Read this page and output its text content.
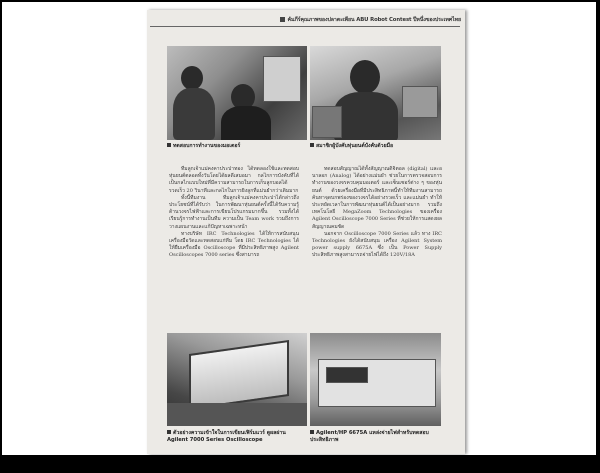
คัมภีร์คุณภาพของปลาตะเพียน ABU Robot Contest ปีหนึ่งของประเทศไทย
ทดสอบการทำงานของมอเตอร์	สมาชิกผู้บังคับหุ่นยนต์บังคับด้วยมือ

ทีมลูกเจ้าแม่คงคาประปาทอง ได้ทดลองใช้และทดสอบหุ่นยนต์ตลอดทั้งวันโดยได้ผลดีเสมอมา กลไกการบังคับที่ได้เป็นกลไกแบบใหม่ที่มีความสามารถในการเก็บลูกบอลได้รวดเร็ว 20 วินาทีและกลไกในการยิงลูกที่แม่นยำกว่าเดิมมาก

ทั้งนี้ทีมงาน ทีมลูกเจ้าแม่คงคาประปาได้กล่าวถึงประโยชน์ที่ได้รับว่า ในการพัฒนาหุ่นยนต์ครั้งนี้ได้รับความรู้ด้านวงจรไฟฟ้าและการเขียนโปรแกรมมากขึ้น รวมทั้งได้เรียนรู้การทำงานเป็นทีม ความเป็น Team work รวมถึงการวางแผนงานและแก้ปัญหาเฉพาะหน้า

ทางบริษัท IRC Technologies ได้ให้การสนับสนุนเครื่องมือวัดและทดสอบแก่ทีม โดย IRC Technologies ได้ให้ยืมเครื่องมือ Oscilloscope ที่มีประสิทธิภาพสูง Agilent Oscilloscopes 7000 series ซึ่งสามารถ

ทดสอบสัญญาณได้ทั้งสัญญาณดิจิตอล (digital) และอนาลอก (Analog) ได้อย่างแม่นยำ ช่วยในการตรวจสอบการทำงานของวงจรควบคุมมอเตอร์ และเซ็นเซอร์ต่าง ๆ ของหุ่นยนต์ ด้วยเครื่องมือที่มีประสิทธิภาพนี้ทำให้ทีมงานสามารถค้นหาจุดบกพร่องของวงจรได้อย่างรวดเร็ว และแม่นยำ ทำให้ประหยัดเวลาในการพัฒนาหุ่นยนต์ได้เป็นอย่างมาก รวมถึงเทคโนโลยี MegaZoom Technologies ของเครื่อง Agilent Oscilloscope 7000 Series ที่ช่วยให้การแสดงผลสัญญาณคมชัด

นอกจาก Oscilloscope 7000 Series แล้ว ทาง IRC Technologies ยังได้สนับสนุน เครื่อง Agilent System power supply 6675A ซึ่ง เป็น Power Supply ประสิทธิภาพสูงสามารถจ่ายไฟได้ถึง 120V/18A

ตัวอย่างความเข้าใจในการเขียนเฟิร์มแวร์ ดูผลผ่าน Agilent 7000 Series Oscilloscope
Agilent/HP 6675A แหล่งจ่ายไฟสำหรับทดสอบประสิทธิภาพ
